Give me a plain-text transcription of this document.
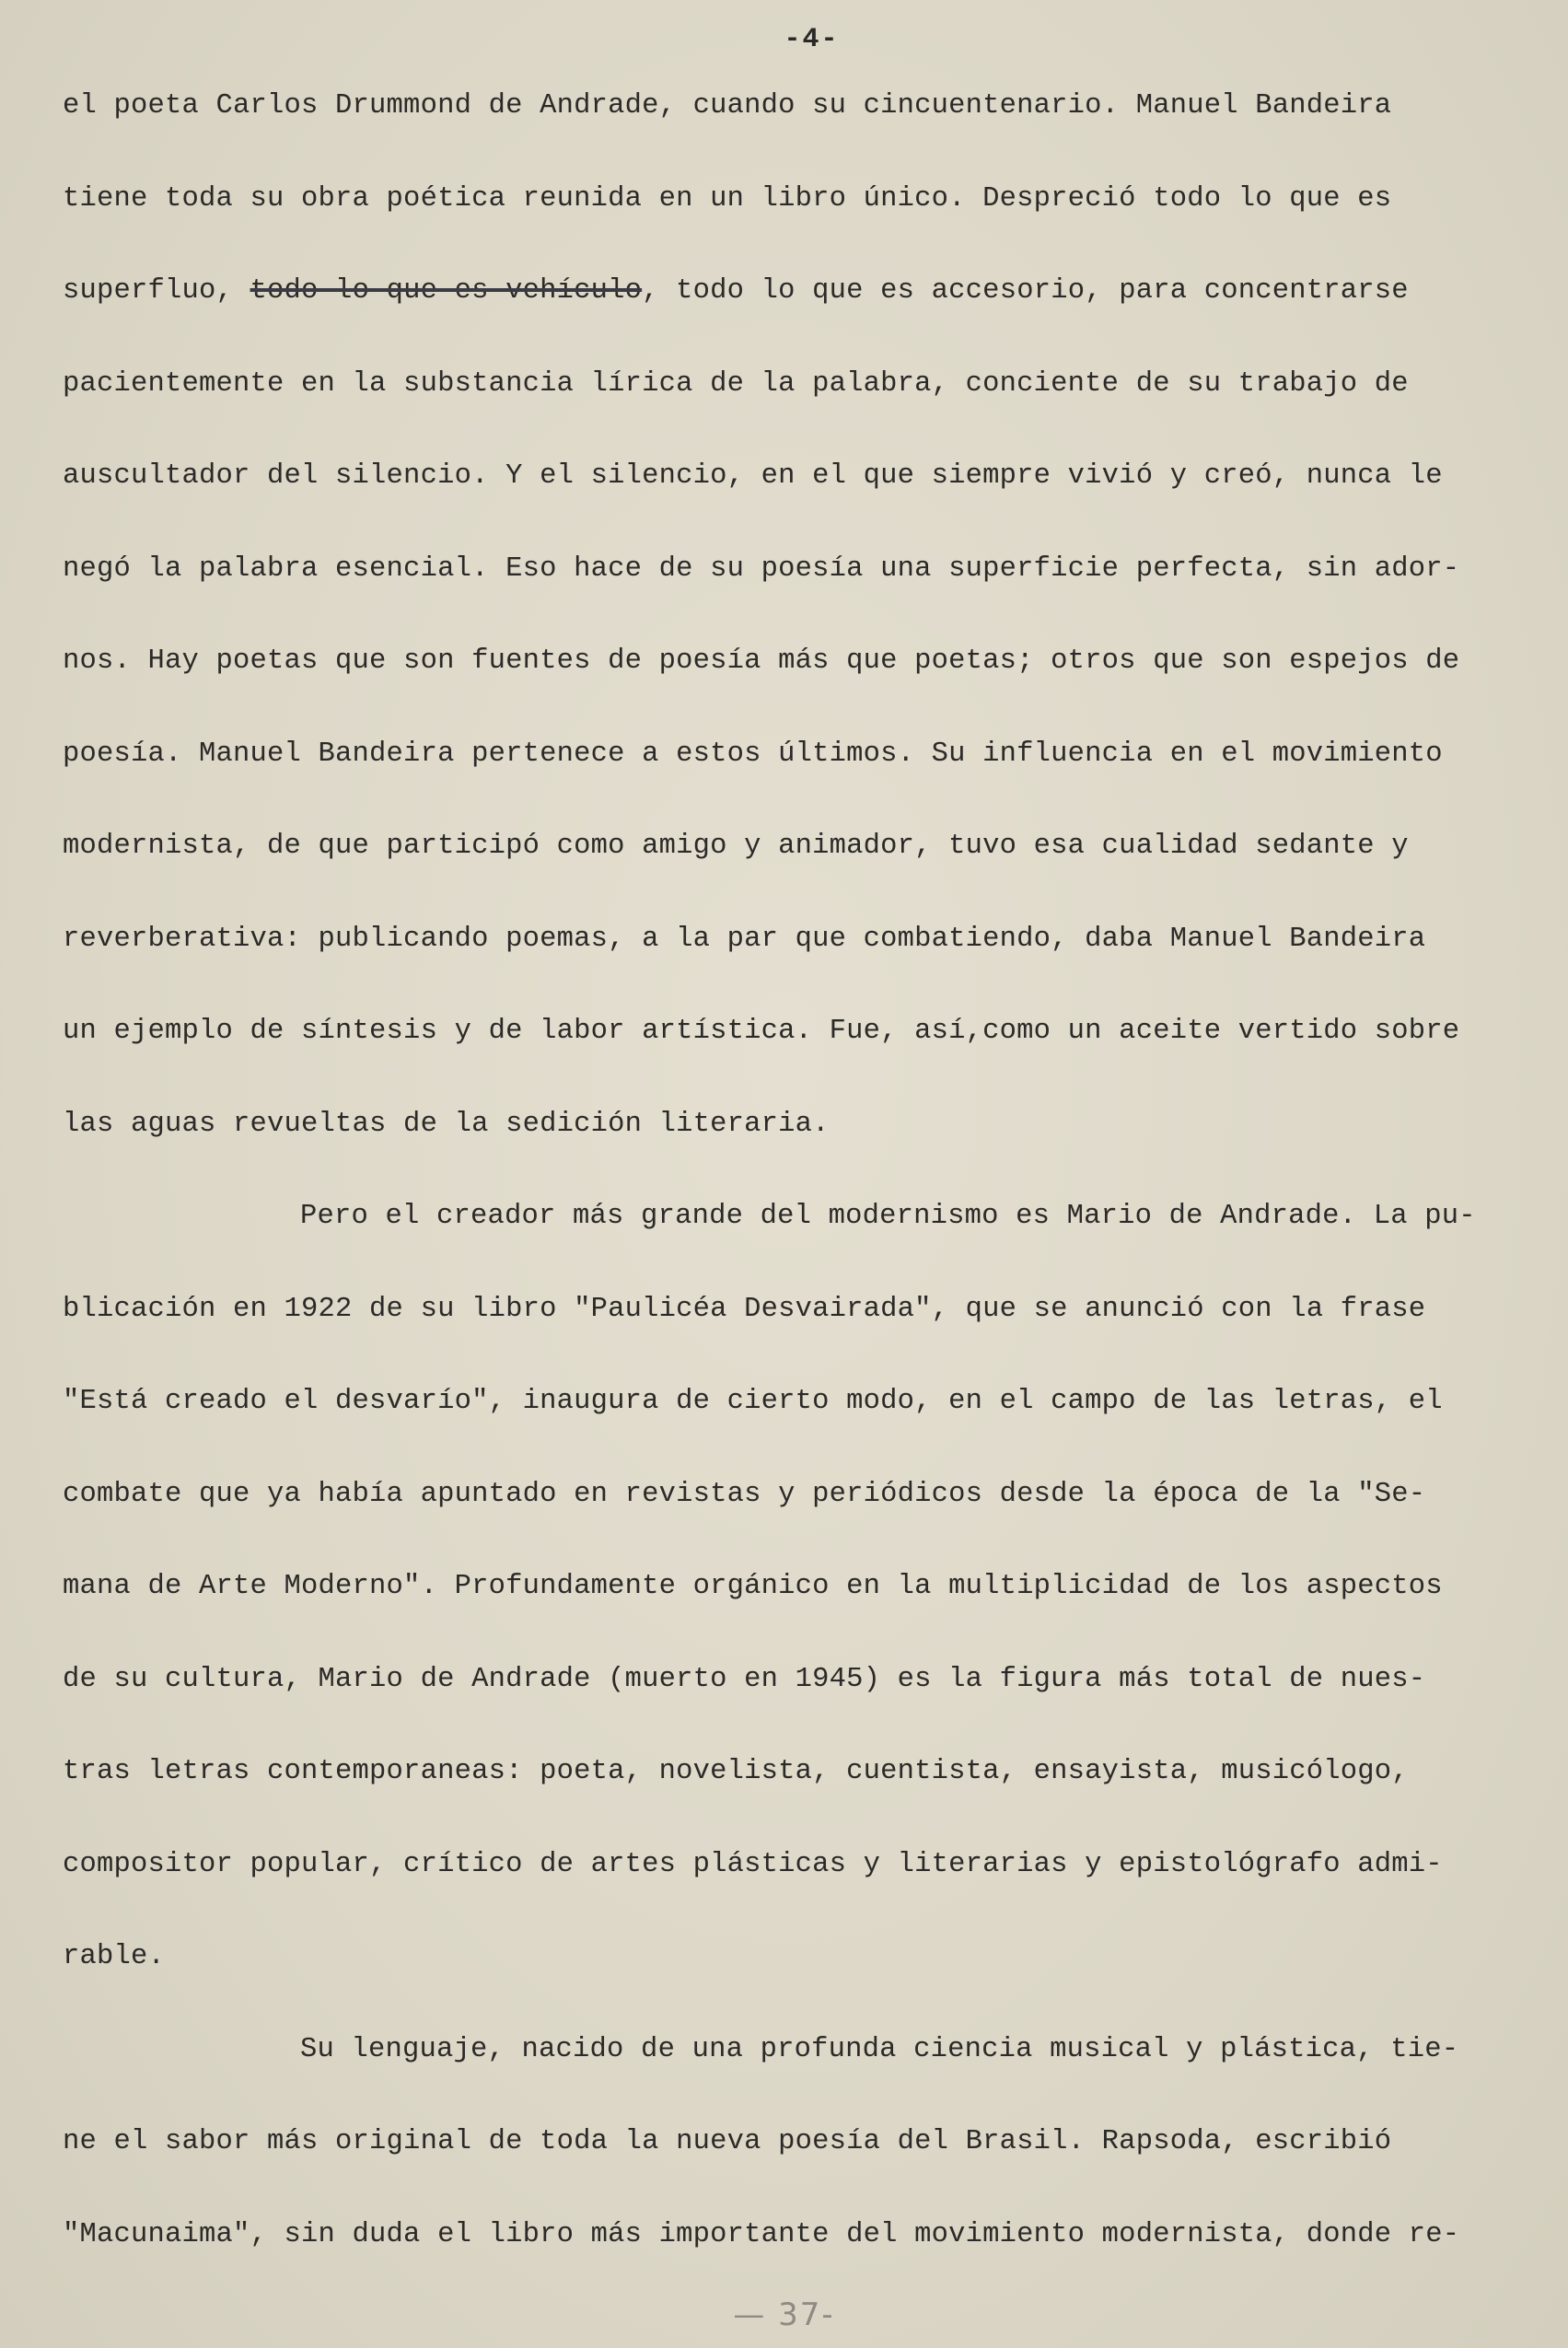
-4-
el poeta Carlos Drummond de Andrade, cuando su cincuentenario. Manuel Bandeira
tiene toda su obra poética reunida en un libro único. Despreció todo lo que es
superfluo, todo lo que es vehículo, todo lo que es accesorio, para concentrarse
pacientemente en la substancia lírica de la palabra, conciente de su trabajo de
auscultador del silencio. Y el silencio, en el que siempre vivió y creó, nunca le
negó la palabra esencial. Eso hace de su poesía una superficie perfecta, sin ador-
nos. Hay poetas que son fuentes de poesía más que poetas; otros que son espejos de
poesía. Manuel Bandeira pertenece a estos últimos. Su influencia en el movimiento
modernista, de que participó como amigo y animador, tuvo esa cualidad sedante y
reverberativa: publicando poemas, a la par que combatiendo, daba Manuel Bandeira
un ejemplo de síntesis y de labor artística. Fue, así,como un aceite vertido sobre
las aguas revueltas de la sedición literaria.
Pero el creador más grande del modernismo es Mario de Andrade. La pu-
blicación en 1922 de su libro "Paulicéa Desvairada", que se anunció con la frase
"Está creado el desvarío", inaugura de cierto modo, en el campo de las letras, el
combate que ya había apuntado en revistas y periódicos desde la época de la "Se-
mana de Arte Moderno". Profundamente orgánico en la multiplicidad de los aspectos
de su cultura, Mario de Andrade (muerto en 1945) es la figura más total de nues-
tras letras contemporaneas: poeta, novelista, cuentista, ensayista, musicólogo,
compositor popular, crítico de artes plásticas y literarias y epistológrafo admi-
rable.
Su lenguaje, nacido de una profunda ciencia musical y plástica, tie-
ne el sabor más original de toda la nueva poesía del Brasil. Rapsoda, escribió
"Macunaima", sin duda el libro más importante del movimiento modernista, donde re-
— 37-
